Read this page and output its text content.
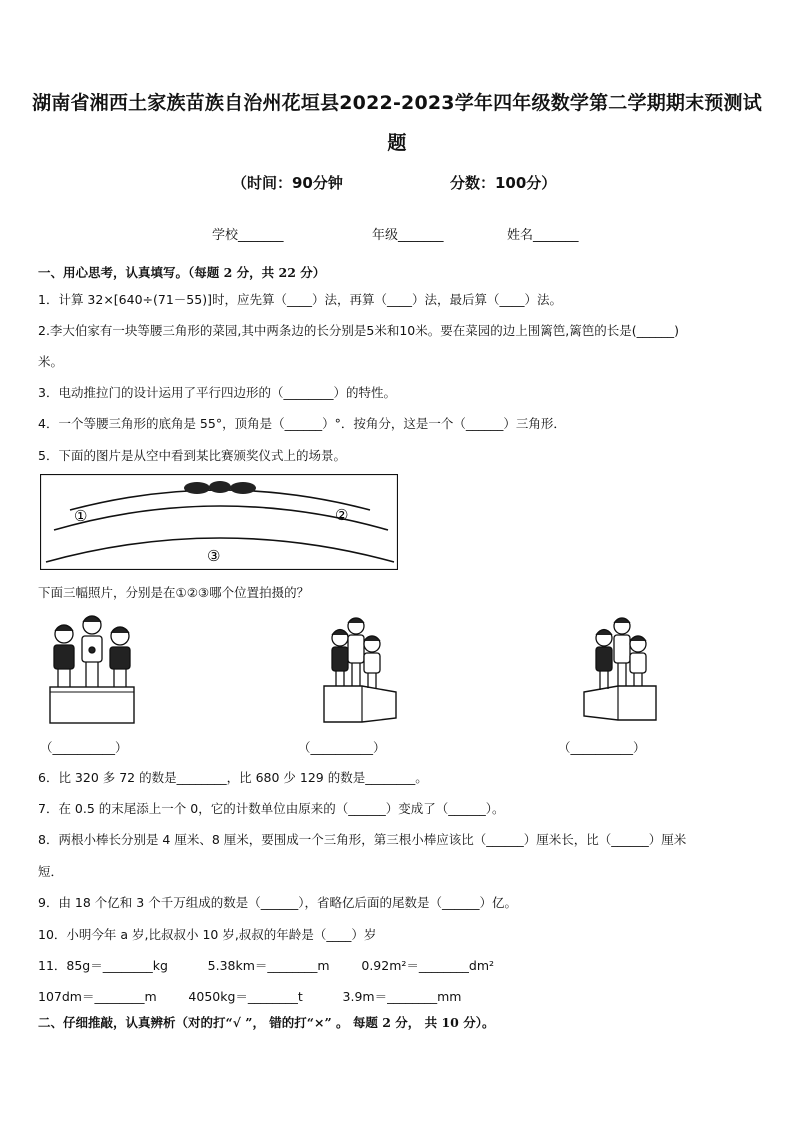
湖南省湘西土家族苗族自治州花垣县2022-2023学年四年级数学第二学期期末预测试
题
（时间：90分钟	分数：100分）
学校_______	年级_______	姓名_______
一、用心思考，认真填写。（每题 2 分，共 22 分）
1．计算 32×[640÷(71－55)]时，应先算（____）法，再算（____）法，最后算（____）法。
2.李大伯家有一块等腰三角形的菜园,其中两条边的长分别是5米和10米。要在菜园的边上围篱笆,篱笆的长是(______)
米。
3．电动推拉门的设计运用了平行四边形的（________）的特性。
4．一个等腰三角形的底角是 55°，顶角是（______）°．按角分，这是一个（______）三角形．
5．下面的图片是从空中看到某比赛颁奖仪式上的场景。
①	②
③
下面三幅照片，分别是在①②③哪个位置拍摄的？
（__________）	（__________）	（__________）
6．比 320 多 72 的数是________，比 680 少 129 的数是________。
7．在 0.5 的末尾添上一个 0，它的计数单位由原来的（______）变成了（______）。
8．两根小棒长分别是 4 厘米、8 厘米，要围成一个三角形，第三根小棒应该比（______）厘米长，比（______）厘米
短．
9．由 18 个亿和 3 个千万组成的数是（______），省略亿后面的尾数是（______）亿。
10．小明今年 a 岁,比叔叔小 10 岁,叔叔的年龄是（____）岁
11．85g＝________kg          5.38km＝________m        0.92m²＝________dm²
107dm＝________m        4050kg＝________t          3.9m＝________mm
二、仔细推敲，认真辨析（对的打“√ ”， 错的打“×” 。 每题 2 分， 共 10 分）。
